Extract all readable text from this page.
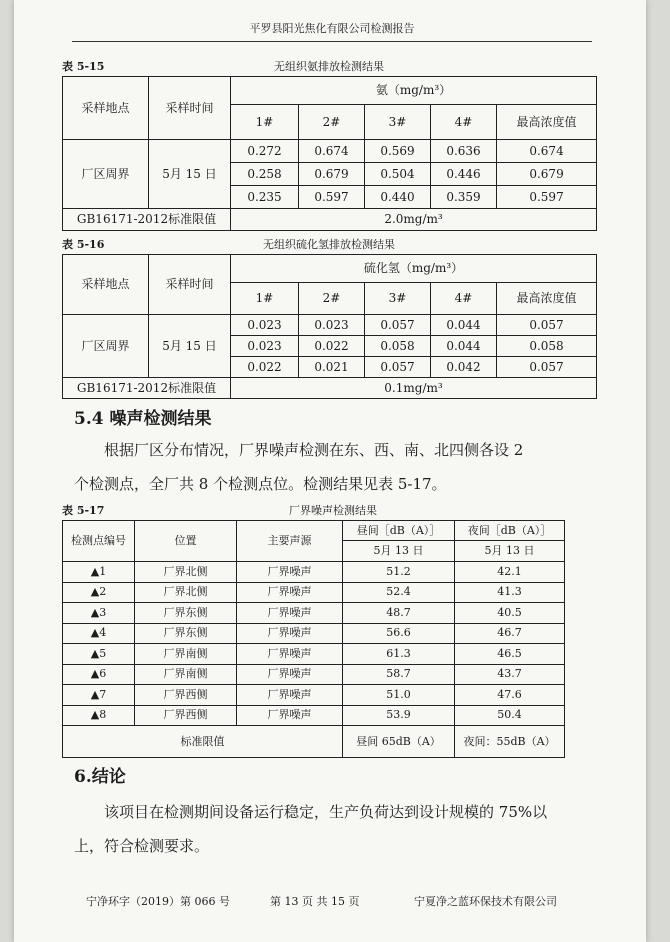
平罗县阳光焦化有限公司检测报告
表 5-15	无组织氨排放检测结果
采样地点	采样时间	氨（mg/m³）				
		1#	2#	3#	4#	最高浓度值
厂区周界	5月 15 日	0.272	0.674	0.569	0.636	0.674
		0.258	0.679	0.504	0.446	0.679
		0.235	0.597	0.440	0.359	0.597
GB16171-2012标准限值		2.0mg/m³				
表 5-16	无组织硫化氢排放检测结果
采样地点	采样时间	硫化氢（mg/m³）				
		1#	2#	3#	4#	最高浓度值
厂区周界	5月 15 日	0.023	0.023	0.057	0.044	0.057
		0.023	0.022	0.058	0.044	0.058
		0.022	0.021	0.057	0.042	0.057
GB16171-2012标准限值		0.1mg/m³				
5.4 噪声检测结果
根据厂区分布情况，厂界噪声检测在东、西、南、北四侧各设 2
个检测点，全厂共 8 个检测点位。检测结果见表 5-17。
表 5-17	厂界噪声检测结果
检测点编号	位置	主要声源	昼间［dB（A）］	夜间［dB（A）］
			5月 13 日	5月 13 日
▲1	厂界北侧	厂界噪声	51.2	42.1
▲2	厂界北侧	厂界噪声	52.4	41.3
▲3	厂界东侧	厂界噪声	48.7	40.5
▲4	厂界东侧	厂界噪声	56.6	46.7
▲5	厂界南侧	厂界噪声	61.3	46.5
▲6	厂界南侧	厂界噪声	58.7	43.7
▲7	厂界西侧	厂界噪声	51.0	47.6
▲8	厂界西侧	厂界噪声	53.9	50.4
标准限值			昼间 65dB（A）	夜间：55dB（A）
6.结论
该项目在检测期间设备运行稳定，生产负荷达到设计规模的 75%以
上，符合检测要求。
宁净环字（2019）第 066 号	第 13 页 共 15 页	宁夏净之蓝环保技术有限公司
